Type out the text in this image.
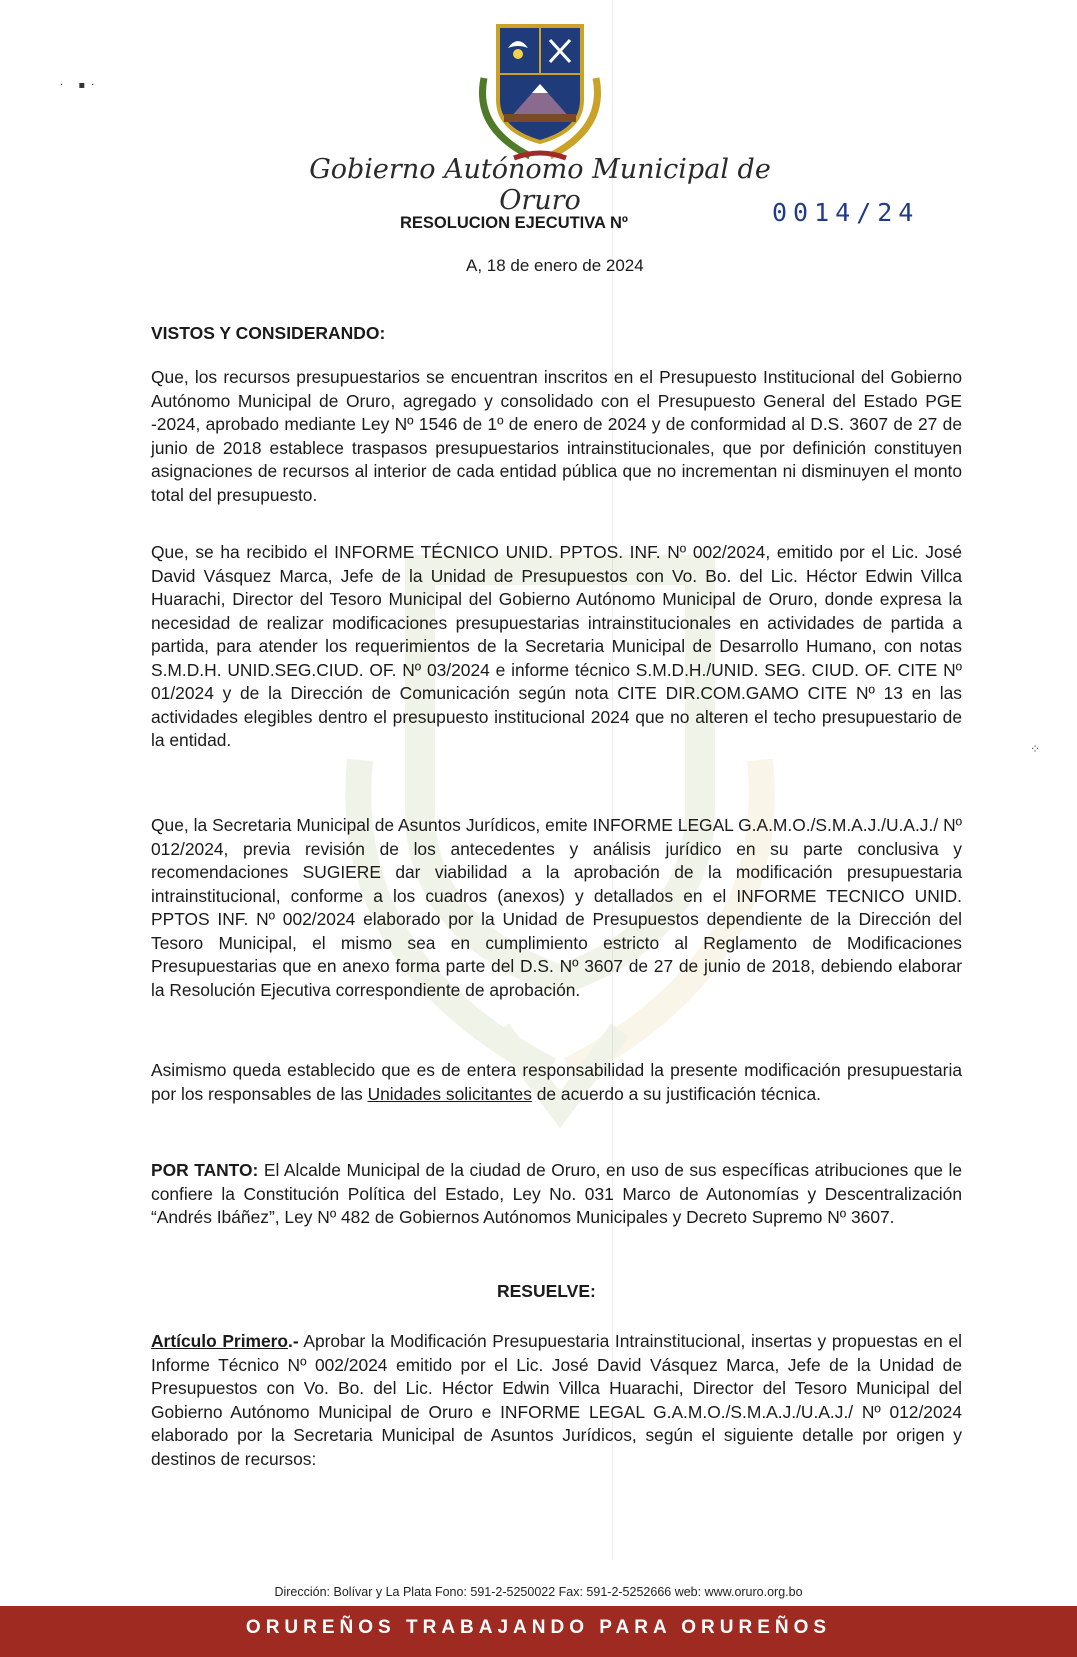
· ▪·
⁘
Gobierno Autónomo Municipal de Oruro
RESOLUCION EJECUTIVA Nº	0014/24
A, 18 de enero de 2024
VISTOS Y CONSIDERANDO:
Que, los recursos presupuestarios se encuentran inscritos en el Presupuesto Institucional del Gobierno Autónomo Municipal de Oruro, agregado y consolidado con el Presupuesto General del Estado PGE -2024, aprobado mediante Ley Nº 1546 de 1º de enero de 2024 y de conformidad al D.S. 3607 de 27 de junio de 2018 establece traspasos presupuestarios intrainstitucionales, que por definición constituyen asignaciones de recursos al interior de cada entidad pública que no incrementan ni disminuyen el monto total del presupuesto.
Que, se ha recibido el INFORME TÉCNICO UNID. PPTOS. INF. Nº 002/2024, emitido por el Lic. José David Vásquez Marca, Jefe de la Unidad de Presupuestos con Vo. Bo. del Lic. Héctor Edwin Villca Huarachi, Director del Tesoro Municipal del Gobierno Autónomo Municipal de Oruro, donde expresa la necesidad de realizar modificaciones presupuestarias intrainstitucionales en actividades de partida a partida, para atender los requerimientos de la Secretaria Municipal de Desarrollo Humano, con notas S.M.D.H. UNID.SEG.CIUD. OF. Nº 03/2024 e informe técnico S.M.D.H./UNID. SEG. CIUD. OF. CITE Nº 01/2024 y de la Dirección de Comunicación según nota CITE DIR.COM.GAMO CITE Nº 13 en las actividades elegibles dentro el presupuesto institucional 2024 que no alteren el techo presupuestario de la entidad.
Que, la Secretaria Municipal de Asuntos Jurídicos, emite INFORME LEGAL G.A.M.O./S.M.A.J./U.A.J./ Nº 012/2024, previa revisión de los antecedentes y análisis jurídico en su parte conclusiva y recomendaciones SUGIERE dar viabilidad a la aprobación de la modificación presupuestaria intrainstitucional, conforme a los cuadros (anexos) y detallados en el INFORME TECNICO UNID. PPTOS INF. Nº 002/2024 elaborado por la Unidad de Presupuestos dependiente de la Dirección del Tesoro Municipal, el mismo sea en cumplimiento estricto al Reglamento de Modificaciones Presupuestarias que en anexo forma parte del D.S. Nº 3607 de 27 de junio de 2018, debiendo elaborar la Resolución Ejecutiva correspondiente de aprobación.
Asimismo queda establecido que es de entera responsabilidad la presente modificación presupuestaria por los responsables de las Unidades solicitantes de acuerdo a su justificación técnica.
POR TANTO: El Alcalde Municipal de la ciudad de Oruro, en uso de sus específicas atribuciones que le confiere la Constitución Política del Estado, Ley No. 031 Marco de Autonomías y Descentralización “Andrés Ibáñez”, Ley Nº 482 de Gobiernos Autónomos Municipales y Decreto Supremo Nº 3607.
RESUELVE:
Artículo Primero.- Aprobar la Modificación Presupuestaria Intrainstitucional, insertas y propuestas en el Informe Técnico Nº 002/2024 emitido por el Lic. José David Vásquez Marca, Jefe de la Unidad de Presupuestos con Vo. Bo. del Lic. Héctor Edwin Villca Huarachi, Director del Tesoro Municipal del Gobierno Autónomo Municipal de Oruro e INFORME LEGAL G.A.M.O./S.M.A.J./U.A.J./ Nº 012/2024 elaborado por la Secretaria Municipal de Asuntos Jurídicos, según el siguiente detalle por origen y destinos de recursos:
Dirección: Bolívar y La Plata Fono: 591-2-5250022 Fax: 591-2-5252666 web: www.oruro.org.bo
ORUREÑOS TRABAJANDO PARA ORUREÑOS
